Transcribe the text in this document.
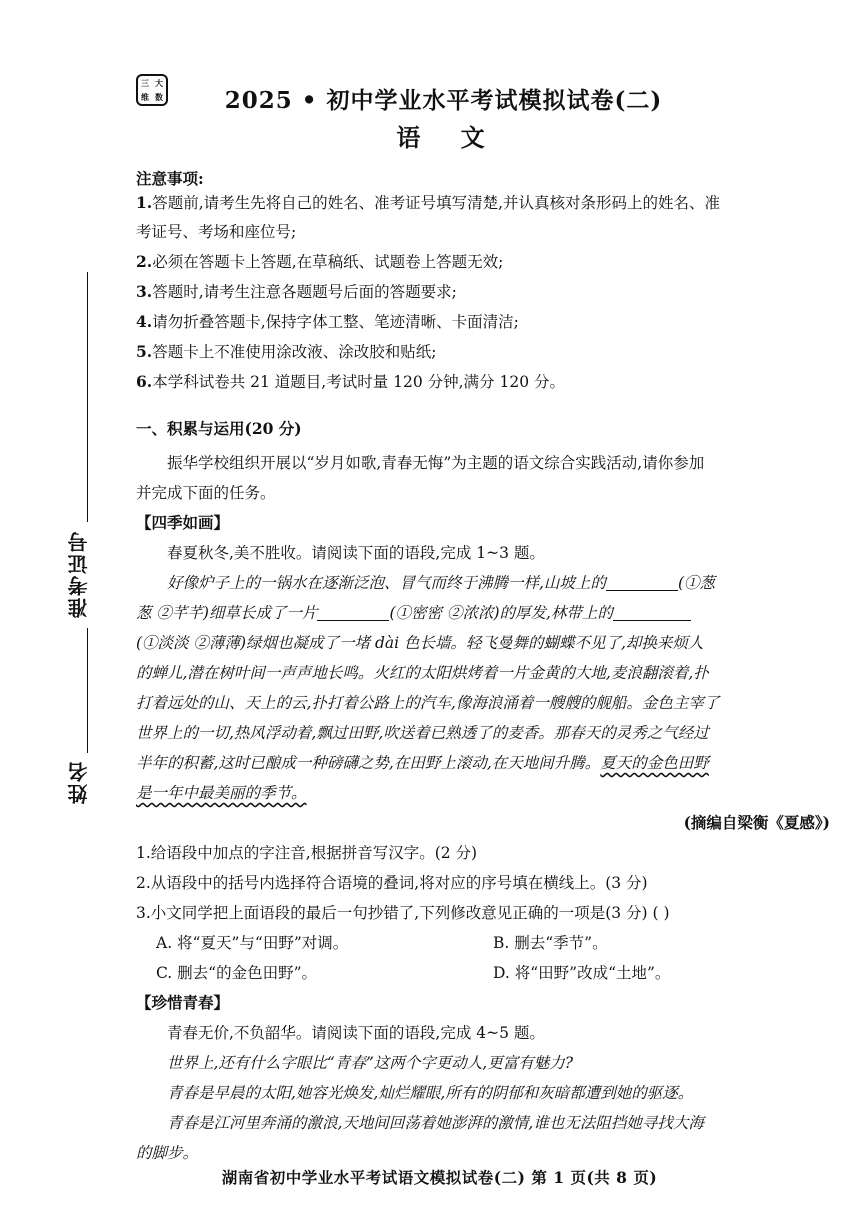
三 大
维 数	2025 • 初中学业水平考试模拟试卷(二)
语 文
准考证号
姓名
注意事项:
1.答题前,请考生先将自己的姓名、准考证号填写清楚,并认真核对条形码上的姓名、准
考证号、考场和座位号;
2.必须在答题卡上答题,在草稿纸、试题卷上答题无效;
3.答题时,请考生注意各题题号后面的答题要求;
4.请勿折叠答题卡,保持字体工整、笔迹清晰、卡面清洁;
5.答题卡上不准使用涂改液、涂改胶和贴纸;
6.本学科试卷共 21 道题目,考试时量 120 分钟,满分 120 分。
一、积累与运用(20 分)
振华学校组织开展以“岁月如歌,青春无悔”为主题的语文综合实践活动,请你参加
并完成下面的任务。
【四季如画】
春夏秋冬,美不胜收。请阅读下面的语段,完成 1~3 题。
好像炉子上的一锅水在逐渐泛泡、冒气而终于沸腾一样,山坡上的	(①葱
葱 ②芊芊)细草长成了一片	(①密密 ②浓浓)的厚发,林带上的
(①淡淡 ②薄薄)绿烟也凝成了一堵 dài 色长墙。轻飞曼舞的蝴蝶不见了,却换来烦人
的蝉儿,潜在树叶间一声声地长鸣。火红的太阳烘烤着一片金黄的大地,麦浪翻滚着,扑
打着远处的山、天上的云,扑打着公路上的汽车,像海浪涌着一艘艘的舰船。金色主宰了
世界上的一切,热风浮动着,飘过田野,吹送着已熟透了的麦香。那春天的灵秀之气经过
半年的积蓄,这时已酿成一种磅礴之势,在田野上滚动,在天地间升腾。夏天的金色田野
是一年中最美丽的季节。
(摘编自梁衡《夏感》)
1.给语段中加点的字注音,根据拼音写汉字。(2 分)
2.从语段中的括号内选择符合语境的叠词,将对应的序号填在横线上。(3 分)
3.小文同学把上面语段的最后一句抄错了,下列修改意见正确的一项是(3 分) ( )
A. 将“夏天”与“田野”对调。	B. 删去“季节”。
C. 删去“的金色田野”。	D. 将“田野”改成“土地”。
【珍惜青春】
青春无价,不负韶华。请阅读下面的语段,完成 4~5 题。
世界上,还有什么字眼比“青春”这两个字更动人,更富有魅力?
青春是早晨的太阳,她容光焕发,灿烂耀眼,所有的阴郁和灰暗都遭到她的驱逐。
青春是江河里奔涌的激浪,天地间回荡着她澎湃的激情,谁也无法阻挡她寻找大海
的脚步。
湖南省初中学业水平考试语文模拟试卷(二) 第 1 页(共 8 页)
